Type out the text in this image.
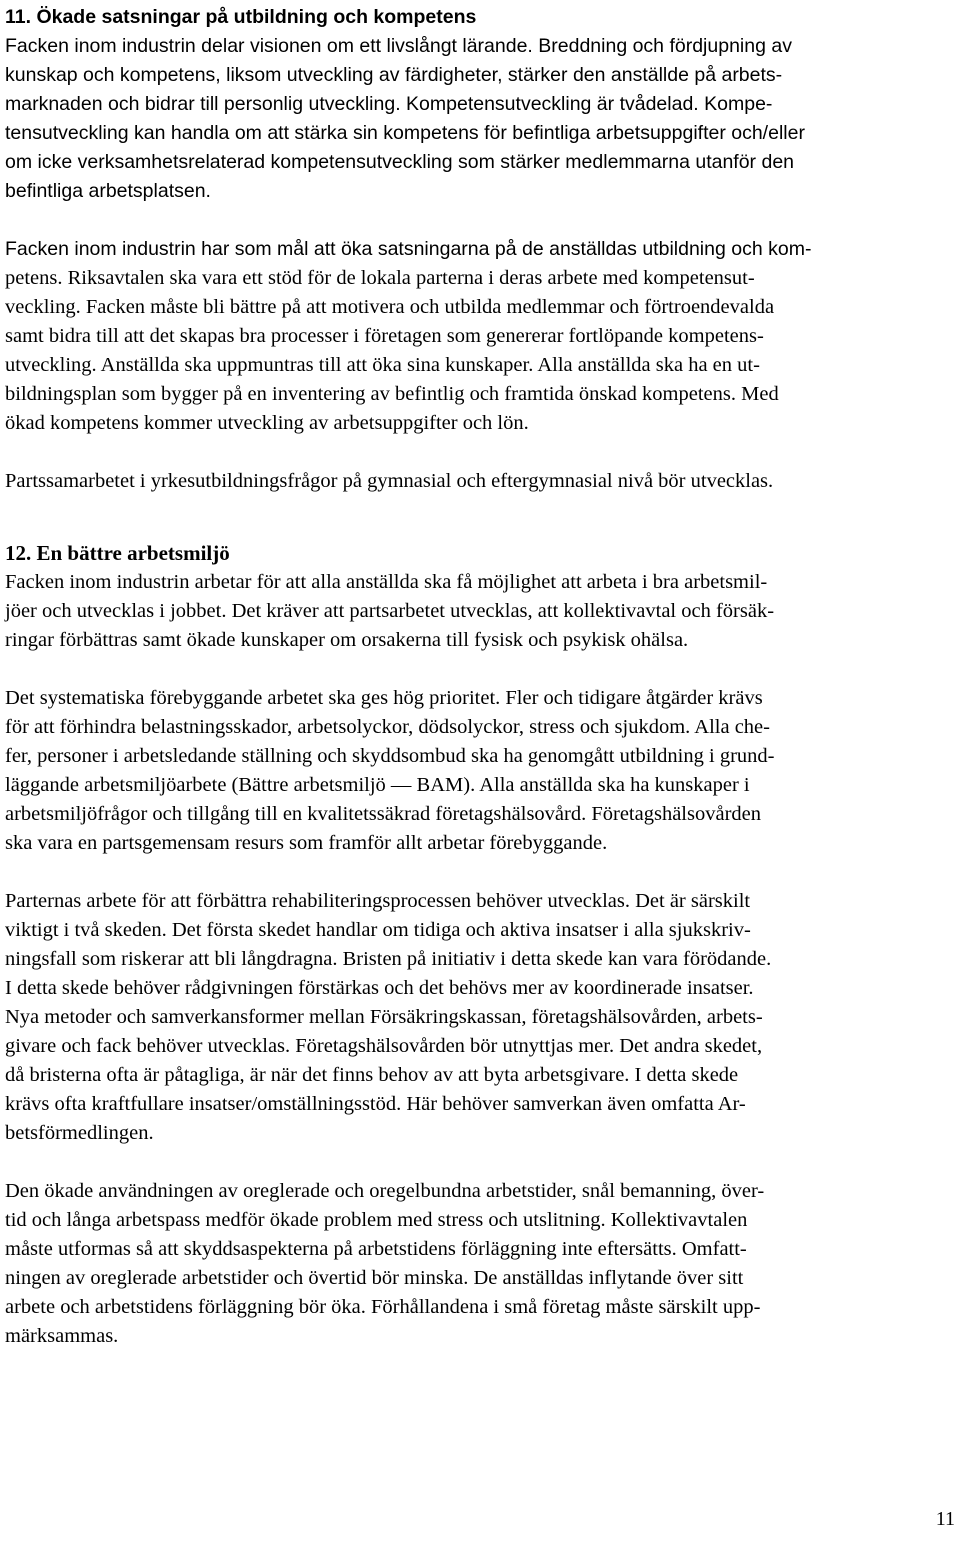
11. Ökade satsningar på utbildning och kompetens
Facken inom industrin delar visionen om ett livslångt lärande. Breddning och fördjupning av
kunskap och kompetens, liksom utveckling av färdigheter, stärker den anställde på arbets-
marknaden och bidrar till personlig utveckling. Kompetensutveckling är tvådelad. Kompe-
tensutveckling kan handla om att stärka sin kompetens för befintliga arbetsuppgifter och/eller
om icke verksamhetsrelaterad kompetensutveckling som stärker medlemmarna utanför den
befintliga arbetsplatsen.
Facken inom industrin har som mål att öka satsningarna på de anställdas utbildning och kom-
petens. Riksavtalen ska vara ett stöd för de lokala parterna i deras arbete med kompetensut-
veckling. Facken måste bli bättre på att motivera och utbilda medlemmar och förtroendevalda
samt bidra till att det skapas bra processer i företagen som genererar fortlöpande kompetens-
utveckling. Anställda ska uppmuntras till att öka sina kunskaper. Alla anställda ska ha en ut-
bildningsplan som bygger på en inventering av befintlig och framtida önskad kompetens. Med
ökad kompetens kommer utveckling av arbetsuppgifter och lön.
Partssamarbetet i yrkesutbildningsfrågor på gymnasial och eftergymnasial nivå bör utvecklas.
12. En bättre arbetsmiljö
Facken inom industrin arbetar för att alla anställda ska få möjlighet att arbeta i bra arbetsmil-
jöer och utvecklas i jobbet. Det kräver att partsarbetet utvecklas, att kollektivavtal och försäk-
ringar förbättras samt ökade kunskaper om orsakerna till fysisk och psykisk ohälsa.
Det systematiska förebyggande arbetet ska ges hög prioritet. Fler och tidigare åtgärder krävs
för att förhindra belastningsskador, arbetsolyckor, dödsolyckor, stress och sjukdom. Alla che-
fer, personer i arbetsledande ställning och skyddsombud ska ha genomgått utbildning i grund-
läggande arbetsmiljöarbete (Bättre arbetsmiljö — BAM). Alla anställda ska ha kunskaper i
arbetsmiljöfrågor och tillgång till en kvalitetssäkrad företagshälsovård. Företagshälsovården
ska vara en partsgemensam resurs som framför allt arbetar förebyggande.
Parternas arbete för att förbättra rehabiliteringsprocessen behöver utvecklas. Det är särskilt
viktigt i två skeden. Det första skedet handlar om tidiga och aktiva insatser i alla sjukskriv-
ningsfall som riskerar att bli långdragna. Bristen på initiativ i detta skede kan vara förödande.
I detta skede behöver rådgivningen förstärkas och det behövs mer av koordinerade insatser.
Nya metoder och samverkansformer mellan Försäkringskassan, företagshälsovården, arbets-
givare och fack behöver utvecklas. Företagshälsovården bör utnyttjas mer. Det andra skedet,
då bristerna ofta är påtagliga, är när det finns behov av att byta arbetsgivare. I detta skede
krävs ofta kraftfullare insatser/omställningsstöd. Här behöver samverkan även omfatta Ar-
betsförmedlingen.
Den ökade användningen av oreglerade och oregelbundna arbetstider, snål bemanning, över-
tid och långa arbetspass medför ökade problem med stress och utslitning. Kollektivavtalen
måste utformas så att skyddsaspekterna på arbetstidens förläggning inte eftersätts. Omfatt-
ningen av oreglerade arbetstider och övertid bör minska. De anställdas inflytande över sitt
arbete och arbetstidens förläggning bör öka. Förhållandena i små företag måste särskilt upp-
märksammas.
11
